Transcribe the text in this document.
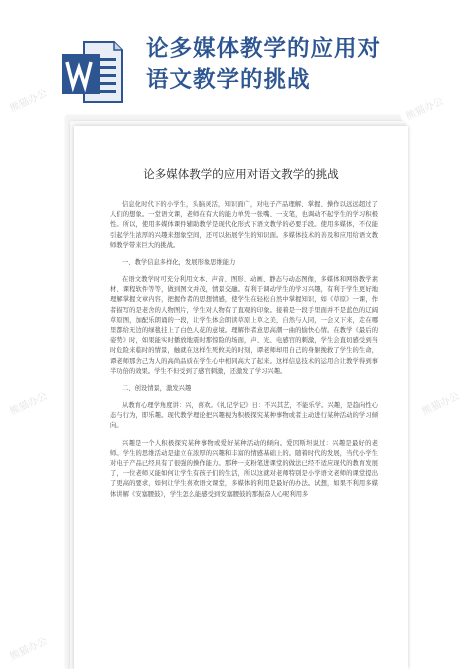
论多媒体教学的应用对
语文教学的挑战
熊猫办公	熊猫办公
熊猫办公	熊猫办公
熊猫办公
论多媒体教学的应用对语文教学的挑战

信息化时代下的小学生，头脑灵活，知识面广，对电子产品理解、掌握、操作以远远超过了人们的想象。一堂语文课，老师在有大的能力单凭一张嘴、一支笔，也调动不起学生的学习积极性。所以，使用多媒体课件辅助教学是现代化形式下语文教学的必要手段。使用多媒体，不仅能引起学生浓厚的兴趣来想象空间，还可以拓展学生的知识面。多媒体技术的善及和应用给语文教师教学带来巨大的挑战。

一、教学信息多样化，发展形象思维能力

在语文教学时可充分利用文本、声音、图形、动画、静态与动态图像，多媒体和网络教学素材、课程软件等等，做到图文并茂，情景交融。有利于调动学生的学习兴趣，有利于学生更好地理解掌握文章内容，把握作者的思想情感，使学生在轻松自然中掌握知识，如《草原》一课，作者描写的是老舍的人物图片，学生对人物有了直观的印象。接着是一段手里面并不是蓝色的辽阔草原图，加配乐朗诵的一段，让学生体会朗读草原上草之美，自然与人同，一会又下来，走在哪里都给无边的绿毯挂上了白色人花的意境。理解作者意思高潮一曲的愉快心情。在教学《最后的姿势》时，如果能实时播放地震时那惊险的场面，声、光、电感官的刺激，学生会直切感受到当时危险来临时的情景，触就在这样生死攸关的时刻，谭老师却用自己的身躯挽救了学生的生命，谭老师那舍己为人的高尚品质在学生心中相同高大了起来。这样信息技术的运用合让教学得到事半功倍的效果。学生不但受到了感官刺激，还激发了学习兴趣。

二、创设情景，激发兴趣

从教育心理学角度讲：兴，喜欢。《礼记学记》日：不兴其艺，不能乐学。兴趣，是趋向性心态与行为，即乐趣。现代教学理论把兴趣视为积极探究某种事物或者主动进行某种活动的学习倾向。

兴趣是一个人积极探究某种事物或爱好某种活动的倾向。爱因斯坦说过：兴趣是最好的老师。学生的思维活动是建立在浓厚的兴趣和丰富的情感基础上的。随着时代的发展，当代小学生对电子产品已经具有了很强的操作能力。那种一支粉笔进课堂的做法已经不适应现代的教育发展了，一位老师又能如何让学生有孩子们的生活，所以这就对老师特别是小学语文老师的课堂提出了更高的要求，如何让学生喜欢语文课堂，多媒体的利用是最好的办法。试想，如果不利用多媒体讲解《安塞腰鼓》，学生怎么能感受到安塞腰鼓的那振奋人心呢利用多
